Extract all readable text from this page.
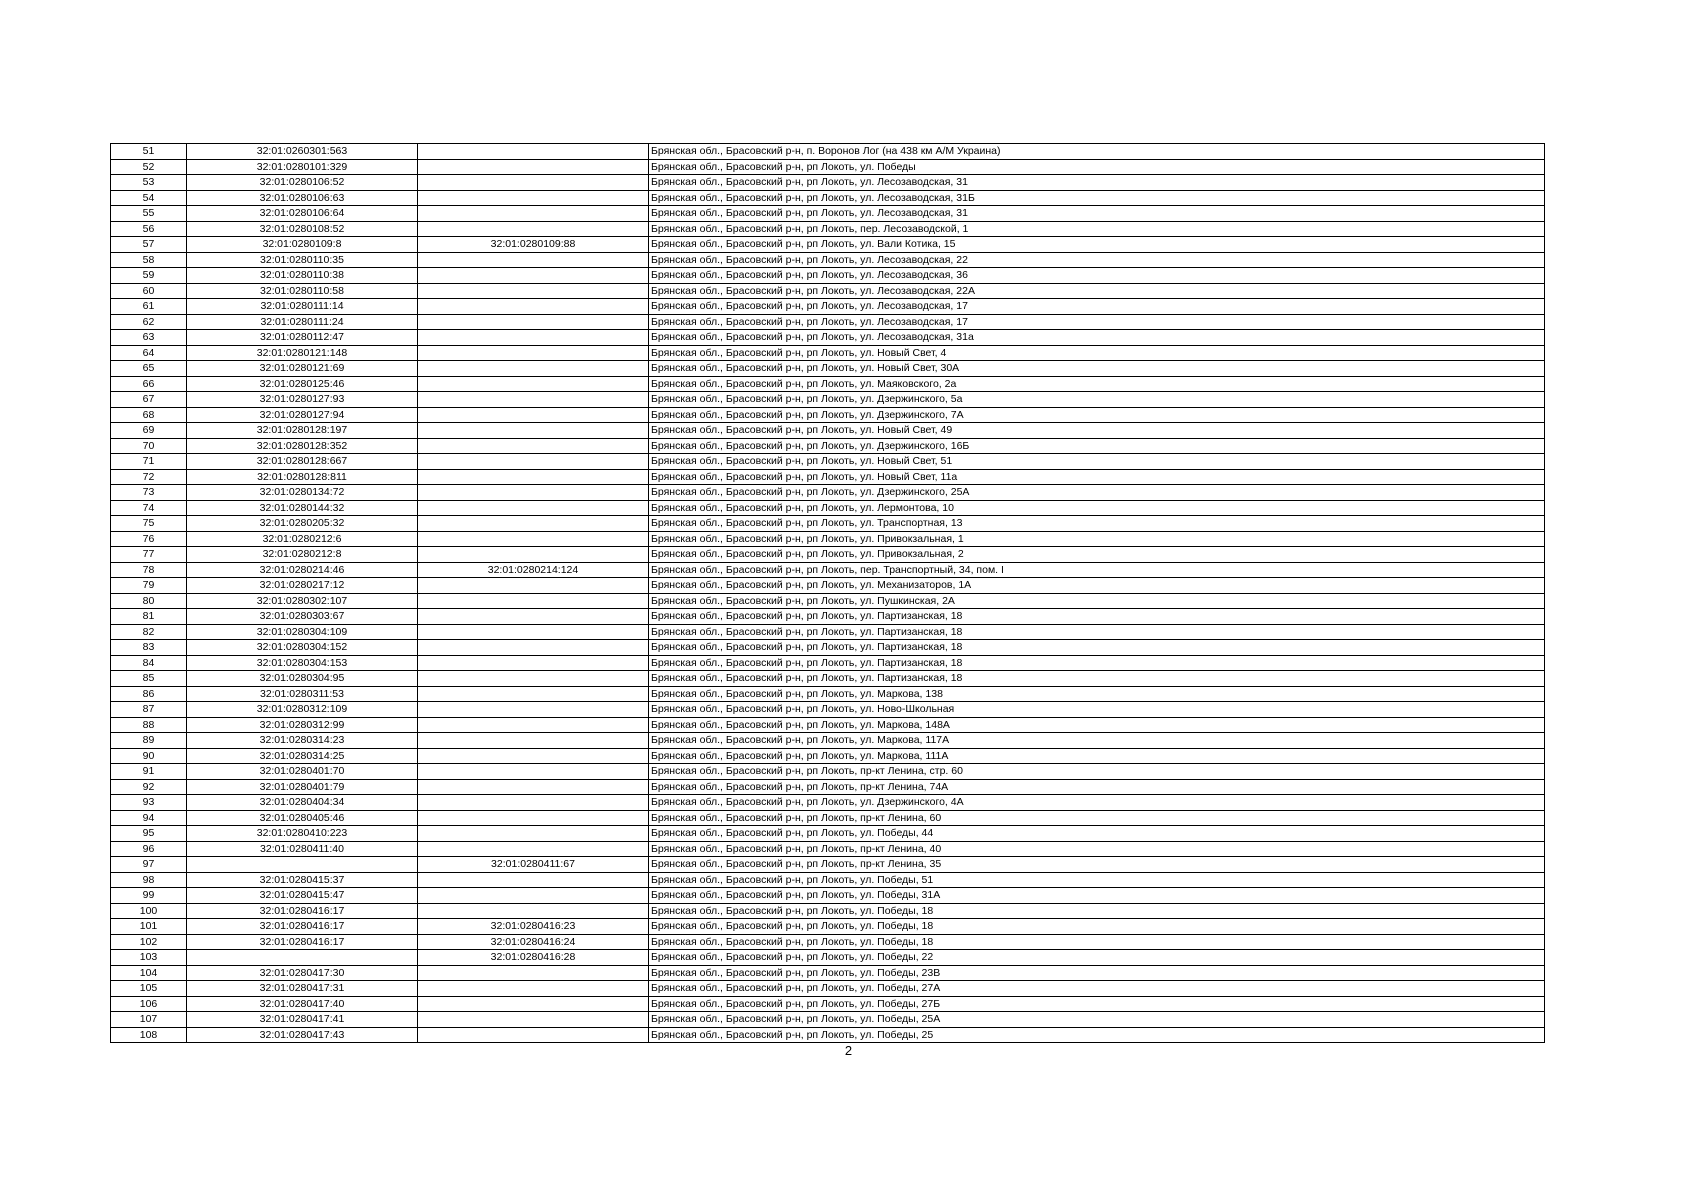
51	32:01:0260301:563		Брянская обл., Брасовский р-н, п. Воронов Лог (на 438 км А/М Украина)
52	32:01:0280101:329		Брянская обл., Брасовский р-н, рп Локоть, ул. Победы
53	32:01:0280106:52		Брянская обл., Брасовский р-н, рп Локоть, ул. Лесозаводская, 31
54	32:01:0280106:63		Брянская обл., Брасовский р-н, рп Локоть, ул. Лесозаводская, 31Б
55	32:01:0280106:64		Брянская обл., Брасовский р-н, рп Локоть, ул. Лесозаводская, 31
56	32:01:0280108:52		Брянская обл., Брасовский р-н, рп Локоть, пер. Лесозаводской, 1
57	32:01:0280109:8	32:01:0280109:88	Брянская обл., Брасовский р-н, рп Локоть, ул. Вали Котика, 15
58	32:01:0280110:35		Брянская обл., Брасовский р-н, рп Локоть, ул. Лесозаводская, 22
59	32:01:0280110:38		Брянская обл., Брасовский р-н, рп Локоть, ул. Лесозаводская, 36
60	32:01:0280110:58		Брянская обл., Брасовский р-н, рп Локоть, ул. Лесозаводская, 22А
61	32:01:0280111:14		Брянская обл., Брасовский р-н, рп Локоть, ул. Лесозаводская, 17
62	32:01:0280111:24		Брянская обл., Брасовский р-н, рп Локоть, ул. Лесозаводская, 17
63	32:01:0280112:47		Брянская обл., Брасовский р-н, рп Локоть, ул. Лесозаводская, 31а
64	32:01:0280121:148		Брянская обл., Брасовский р-н, рп Локоть, ул. Новый Свет, 4
65	32:01:0280121:69		Брянская обл., Брасовский р-н, рп Локоть, ул. Новый Свет, 30А
66	32:01:0280125:46		Брянская обл., Брасовский р-н, рп Локоть, ул. Маяковского, 2а
67	32:01:0280127:93		Брянская обл., Брасовский р-н, рп Локоть, ул. Дзержинского, 5а
68	32:01:0280127:94		Брянская обл., Брасовский р-н, рп Локоть, ул. Дзержинского, 7А
69	32:01:0280128:197		Брянская обл., Брасовский р-н, рп Локоть, ул. Новый Свет, 49
70	32:01:0280128:352		Брянская обл., Брасовский р-н, рп Локоть, ул. Дзержинского, 16Б
71	32:01:0280128:667		Брянская обл., Брасовский р-н, рп Локоть, ул. Новый Свет, 51
72	32:01:0280128:811		Брянская обл., Брасовский р-н, рп Локоть, ул. Новый Свет, 11а
73	32:01:0280134:72		Брянская обл., Брасовский р-н, рп Локоть, ул. Дзержинского, 25А
74	32:01:0280144:32		Брянская обл., Брасовский р-н, рп Локоть, ул. Лермонтова, 10
75	32:01:0280205:32		Брянская обл., Брасовский р-н, рп Локоть, ул. Транспортная, 13
76	32:01:0280212:6		Брянская обл., Брасовский р-н, рп Локоть, ул. Привокзальная, 1
77	32:01:0280212:8		Брянская обл., Брасовский р-н, рп Локоть, ул. Привокзальная, 2
78	32:01:0280214:46	32:01:0280214:124	Брянская обл., Брасовский р-н, рп Локоть, пер. Транспортный, 34, пом. I
79	32:01:0280217:12		Брянская обл., Брасовский р-н, рп Локоть, ул. Механизаторов, 1А
80	32:01:0280302:107		Брянская обл., Брасовский р-н, рп Локоть, ул. Пушкинская, 2А
81	32:01:0280303:67		Брянская обл., Брасовский р-н, рп Локоть, ул. Партизанская, 18
82	32:01:0280304:109		Брянская обл., Брасовский р-н, рп Локоть, ул. Партизанская, 18
83	32:01:0280304:152		Брянская обл., Брасовский р-н, рп Локоть, ул. Партизанская, 18
84	32:01:0280304:153		Брянская обл., Брасовский р-н, рп Локоть, ул. Партизанская, 18
85	32:01:0280304:95		Брянская обл., Брасовский р-н, рп Локоть, ул. Партизанская, 18
86	32:01:0280311:53		Брянская обл., Брасовский р-н, рп Локоть, ул. Маркова, 138
87	32:01:0280312:109		Брянская обл., Брасовский р-н, рп Локоть, ул. Ново-Школьная
88	32:01:0280312:99		Брянская обл., Брасовский р-н, рп Локоть, ул. Маркова, 148А
89	32:01:0280314:23		Брянская обл., Брасовский р-н, рп Локоть, ул. Маркова, 117А
90	32:01:0280314:25		Брянская обл., Брасовский р-н, рп Локоть, ул. Маркова, 111А
91	32:01:0280401:70		Брянская обл., Брасовский р-н, рп Локоть, пр-кт Ленина, стр. 60
92	32:01:0280401:79		Брянская обл., Брасовский р-н, рп Локоть, пр-кт Ленина, 74А
93	32:01:0280404:34		Брянская обл., Брасовский р-н, рп Локоть, ул. Дзержинского, 4А
94	32:01:0280405:46		Брянская обл., Брасовский р-н, рп Локоть, пр-кт Ленина, 60
95	32:01:0280410:223		Брянская обл., Брасовский р-н, рп Локоть, ул. Победы, 44
96	32:01:0280411:40		Брянская обл., Брасовский р-н, рп Локоть, пр-кт Ленина, 40
97		32:01:0280411:67	Брянская обл., Брасовский р-н, рп Локоть, пр-кт Ленина, 35
98	32:01:0280415:37		Брянская обл., Брасовский р-н, рп Локоть, ул. Победы, 51
99	32:01:0280415:47		Брянская обл., Брасовский р-н, рп Локоть, ул. Победы, 31А
100	32:01:0280416:17		Брянская обл., Брасовский р-н, рп Локоть, ул. Победы, 18
101	32:01:0280416:17	32:01:0280416:23	Брянская обл., Брасовский р-н, рп Локоть, ул. Победы, 18
102	32:01:0280416:17	32:01:0280416:24	Брянская обл., Брасовский р-н, рп Локоть, ул. Победы, 18
103		32:01:0280416:28	Брянская обл., Брасовский р-н, рп Локоть, ул. Победы, 22
104	32:01:0280417:30		Брянская обл., Брасовский р-н, рп Локоть, ул. Победы, 23В
105	32:01:0280417:31		Брянская обл., Брасовский р-н, рп Локоть, ул. Победы, 27А
106	32:01:0280417:40		Брянская обл., Брасовский р-н, рп Локоть, ул. Победы, 27Б
107	32:01:0280417:41		Брянская обл., Брасовский р-н, рп Локоть, ул. Победы, 25А
108	32:01:0280417:43		Брянская обл., Брасовский р-н, рп Локоть, ул. Победы, 25
2
